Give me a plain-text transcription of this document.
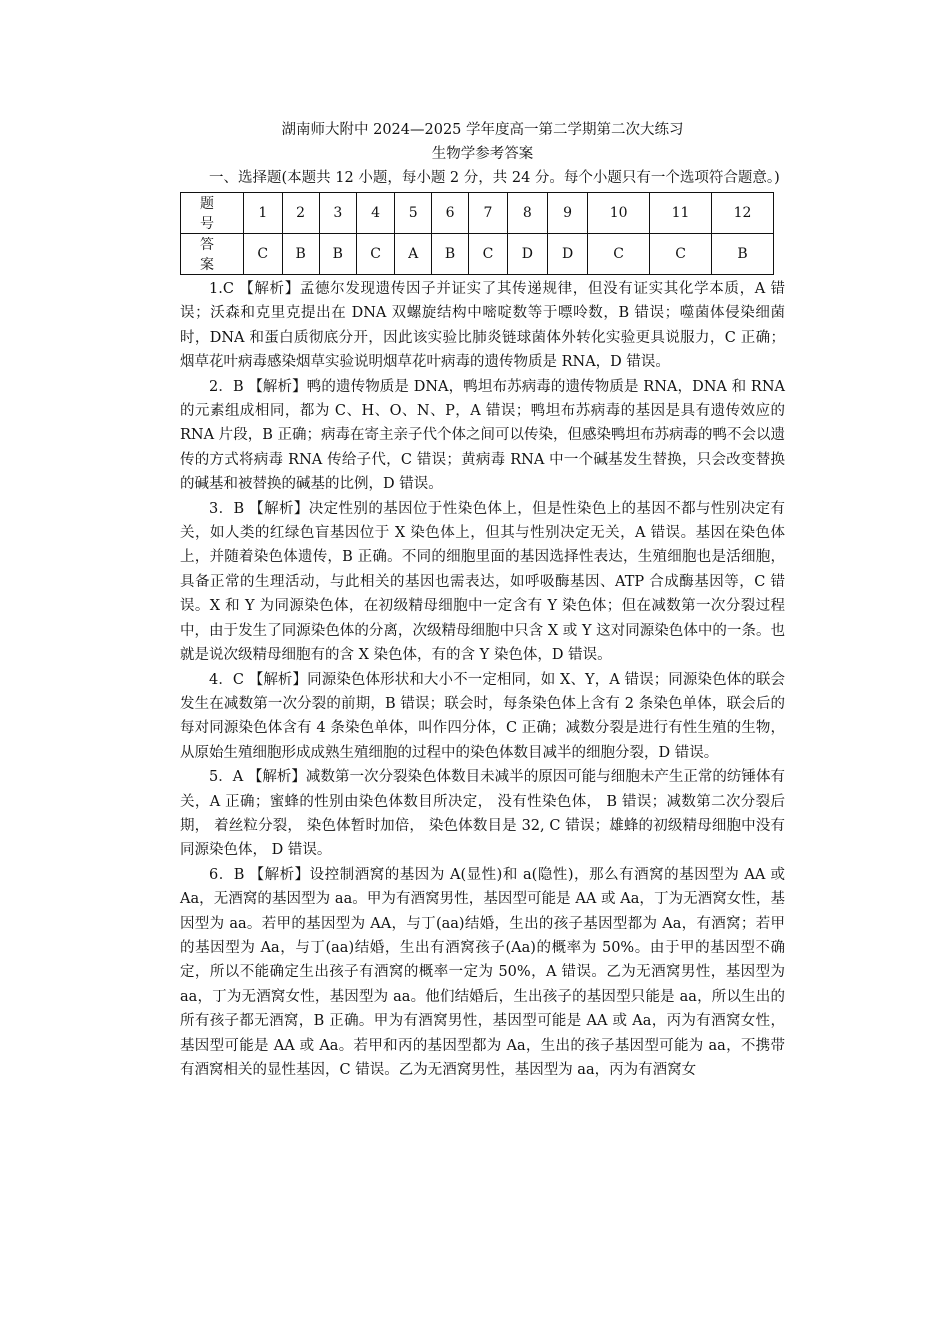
湖南师大附中 2024—2025 学年度高一第二学期第二次大练习

生物学参考答案

一、选择题(本题共 12 小题，每小题 2 分，共 24 分。每个小题只有一个选项符合题意。)

题 号	1	2	3	4	5	6	7	8	9	10	11	12
答 案	C	B	B	C	A	B	C	D	D	C	C	B

1.C 【解析】孟德尔发现遗传因子并证实了其传递规律，但没有证实其化学本质，A 错误；沃森和克里克提出在 DNA 双螺旋结构中嘧啶数等于嘌呤数，B 错误；噬菌体侵染细菌时，DNA 和蛋白质彻底分开，因此该实验比肺炎链球菌体外转化实验更具说服力，C 正确；烟草花叶病毒感染烟草实验说明烟草花叶病毒的遗传物质是 RNA，D 错误。

2．B 【解析】鸭的遗传物质是 DNA，鸭坦布苏病毒的遗传物质是 RNA，DNA 和 RNA 的元素组成相同，都为 C、H、O、N、P，A 错误；鸭坦布苏病毒的基因是具有遗传效应的 RNA 片段，B 正确；病毒在寄主亲子代个体之间可以传染，但感染鸭坦布苏病毒的鸭不会以遗传的方式将病毒 RNA 传给子代，C 错误；黄病毒 RNA 中一个碱基发生替换，只会改变替换的碱基和被替换的碱基的比例，D 错误。

3．B 【解析】决定性别的基因位于性染色体上，但是性染色上的基因不都与性别决定有关，如人类的红绿色盲基因位于 X 染色体上，但其与性别决定无关，A 错误。基因在染色体上，并随着染色体遗传，B 正确。不同的细胞里面的基因选择性表达，生殖细胞也是活细胞，具备正常的生理活动，与此相关的基因也需表达，如呼吸酶基因、ATP 合成酶基因等，C 错误。X 和 Y 为同源染色体，在初级精母细胞中一定含有 Y 染色体；但在减数第一次分裂过程中，由于发生了同源染色体的分离，次级精母细胞中只含 X 或 Y 这对同源染色体中的一条。也就是说次级精母细胞有的含 X 染色体，有的含 Y 染色体，D 错误。

4．C 【解析】同源染色体形状和大小不一定相同，如 X、Y，A 错误；同源染色体的联会发生在减数第一次分裂的前期，B 错误；联会时，每条染色体上含有 2 条染色单体，联会后的每对同源染色体含有 4 条染色单体，叫作四分体，C 正确；减数分裂是进行有性生殖的生物，从原始生殖细胞形成成熟生殖细胞的过程中的染色体数目减半的细胞分裂，D 错误。

5．A 【解析】减数第一次分裂染色体数目未减半的原因可能与细胞未产生正常的纺锤体有关，A 正确；蜜蜂的性别由染色体数目所决定， 没有性染色体， B 错误；减数第二次分裂后期， 着丝粒分裂， 染色体暂时加倍， 染色体数目是 32, C 错误；雄蜂的初级精母细胞中没有同源染色体， D 错误。

6．B 【解析】设控制酒窝的基因为 A(显性)和 a(隐性)，那么有酒窝的基因型为 AA 或 Aa，无酒窝的基因型为 aa。甲为有酒窝男性，基因型可能是 AA 或 Aa，丁为无酒窝女性，基因型为 aa。若甲的基因型为 AA，与丁(aa)结婚，生出的孩子基因型都为 Aa，有酒窝；若甲的基因型为 Aa，与丁(aa)结婚，生出有酒窝孩子(Aa)的概率为 50%。由于甲的基因型不确定，所以不能确定生出孩子有酒窝的概率一定为 50%，A 错误。乙为无酒窝男性，基因型为 aa，丁为无酒窝女性，基因型为 aa。他们结婚后，生出孩子的基因型只能是 aa，所以生出的所有孩子都无酒窝，B 正确。甲为有酒窝男性，基因型可能是 AA 或 Aa，丙为有酒窝女性，基因型可能是 AA 或 Aa。若甲和丙的基因型都为 Aa，生出的孩子基因型可能为 aa，不携带有酒窝相关的显性基因，C 错误。乙为无酒窝男性，基因型为 aa，丙为有酒窝女
